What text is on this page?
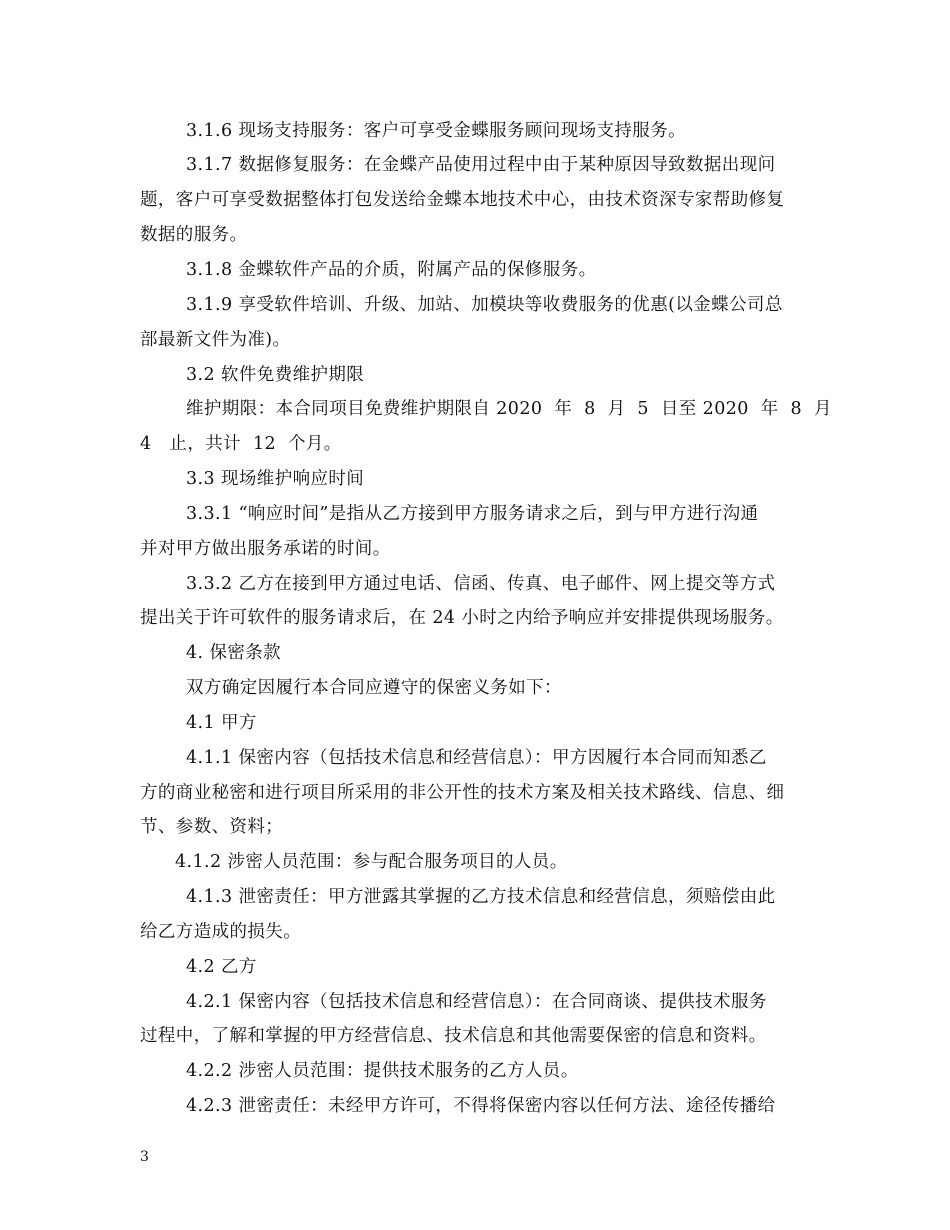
3.1.6 现场支持服务：客户可享受金蝶服务顾问现场支持服务。
3.1.7 数据修复服务：在金蝶产品使用过程中由于某种原因导致数据出现问
题，客户可享受数据整体打包发送给金蝶本地技术中心，由技术资深专家帮助修复
数据的服务。
3.1.8 金蝶软件产品的介质，附属产品的保修服务。
3.1.9 享受软件培训、升级、加站、加模块等收费服务的优惠(以金蝶公司总
部最新文件为准)。
3.2 软件免费维护期限
维护期限：本合同项目免费维护期限自 2020  年  8  月  5  日至 2020  年  8  月
4   止，共计  12  个月。
3.3 现场维护响应时间
3.3.1 “响应时间”是指从乙方接到甲方服务请求之后，到与甲方进行沟通
并对甲方做出服务承诺的时间。
3.3.2 乙方在接到甲方通过电话、信函、传真、电子邮件、网上提交等方式
提出关于许可软件的服务请求后，在 24 小时之内给予响应并安排提供现场服务。
4. 保密条款
双方确定因履行本合同应遵守的保密义务如下：
4.1 甲方
4.1.1 保密内容（包括技术信息和经营信息）：甲方因履行本合同而知悉乙
方的商业秘密和进行项目所采用的非公开性的技术方案及相关技术路线、信息、细
节、参数、资料；
4.1.2 涉密人员范围：参与配合服务项目的人员。
4.1.3 泄密责任：甲方泄露其掌握的乙方技术信息和经营信息，须赔偿由此
给乙方造成的损失。
4.2 乙方
4.2.1 保密内容（包括技术信息和经营信息）：在合同商谈、提供技术服务
过程中，了解和掌握的甲方经营信息、技术信息和其他需要保密的信息和资料。
4.2.2 涉密人员范围：提供技术服务的乙方人员。
4.2.3 泄密责任：未经甲方许可，不得将保密内容以任何方法、途径传播给
3
